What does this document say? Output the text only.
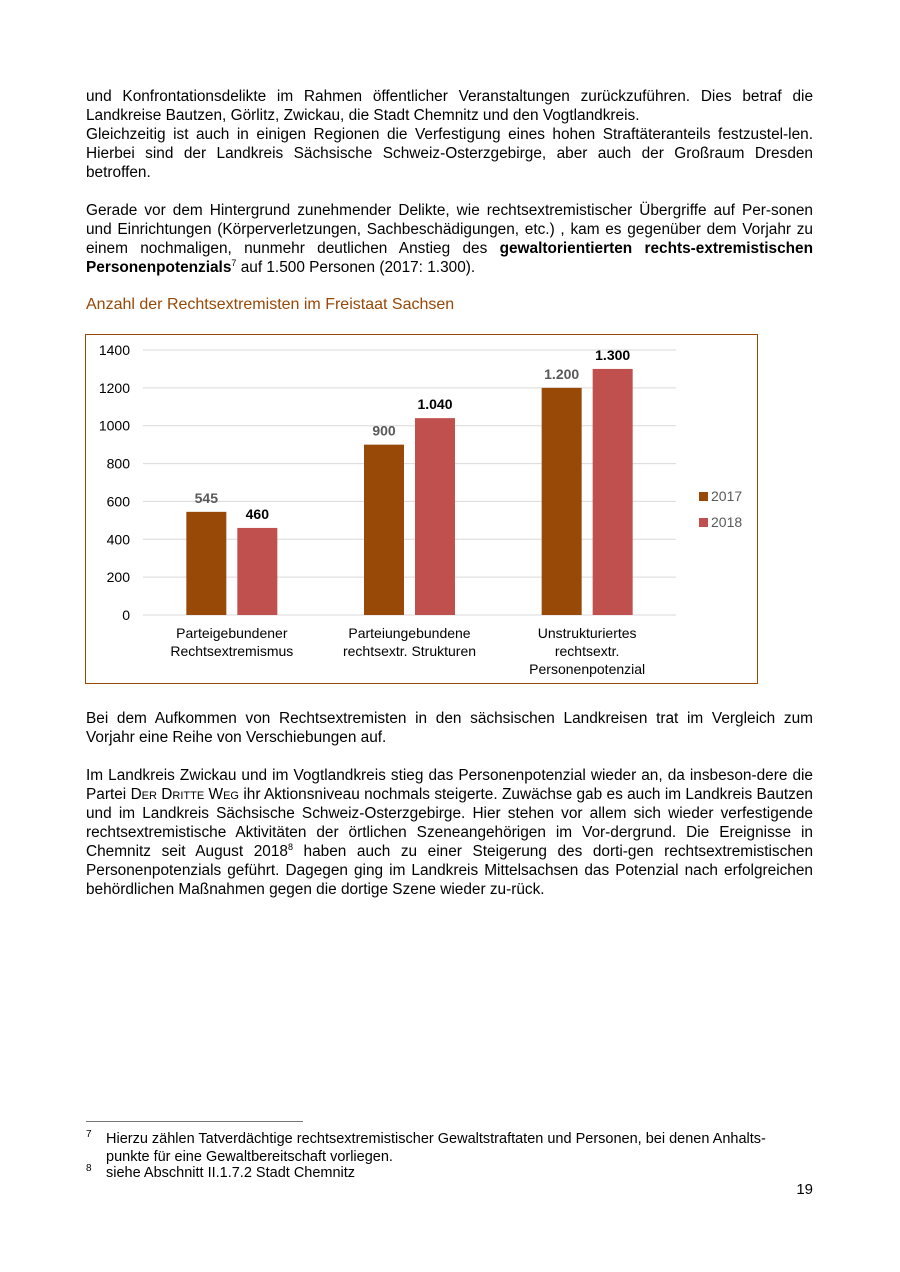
und Konfrontationsdelikte im Rahmen öffentlicher Veranstaltungen zurückzuführen. Dies betraf die Landkreise Bautzen, Görlitz, Zwickau, die Stadt Chemnitz und den Vogtlandkreis.
Gleichzeitig ist auch in einigen Regionen die Verfestigung eines hohen Straftäteranteils festzustel-len. Hierbei sind der Landkreis Sächsische Schweiz-Osterzgebirge, aber auch der Großraum Dresden betroffen.

Gerade vor dem Hintergrund zunehmender Delikte, wie rechtsextremistischer Übergriffe auf Per-sonen und Einrichtungen (Körperverletzungen, Sachbeschädigungen, etc.) , kam es gegenüber dem Vorjahr zu einem nochmaligen, nunmehr deutlichen Anstieg des gewaltorientierten rechts-extremistischen Personenpotenzials$^7$ auf 1.500 Personen (2017: 1.300).

Anzahl der Rechtsextremisten im Freistaat Sachsen
0
200
400
600
800
1000
1200
1400
545
900
1.200
460
1.040
1.300
Parteigebundener
Rechtsextremismus
Parteiungebundene
rechtsextr. Strukturen
Unstrukturiertes
rechtsextr.
Personenpotenzial
2017
2018

Bei dem Aufkommen von Rechtsextremisten in den sächsischen Landkreisen trat im Vergleich zum Vorjahr eine Reihe von Verschiebungen auf.

Im Landkreis Zwickau und im Vogtlandkreis stieg das Personenpotenzial wieder an, da insbeson-dere die Partei Der Dritte Weg ihr Aktionsniveau nochmals steigerte. Zuwächse gab es auch im Landkreis Bautzen und im Landkreis Sächsische Schweiz-Osterzgebirge. Hier stehen vor allem sich wieder verfestigende rechtsextremistische Aktivitäten der örtlichen Szeneangehörigen im Vor-dergrund. Die Ereignisse in Chemnitz seit August 2018$^8$ haben auch zu einer Steigerung des dorti-gen rechtsextremistischen Personenpotenzials geführt. Dagegen ging im Landkreis Mittelsachsen das Potenzial nach erfolgreichen behördlichen Maßnahmen gegen die dortige Szene wieder zu-rück.

7 Hierzu zählen Tatverdächtige rechtsextremistischer Gewaltstraftaten und Personen, bei denen Anhalts-punkte für eine Gewaltbereitschaft vorliegen.
8 siehe Abschnitt II.1.7.2 Stadt Chemnitz
19
